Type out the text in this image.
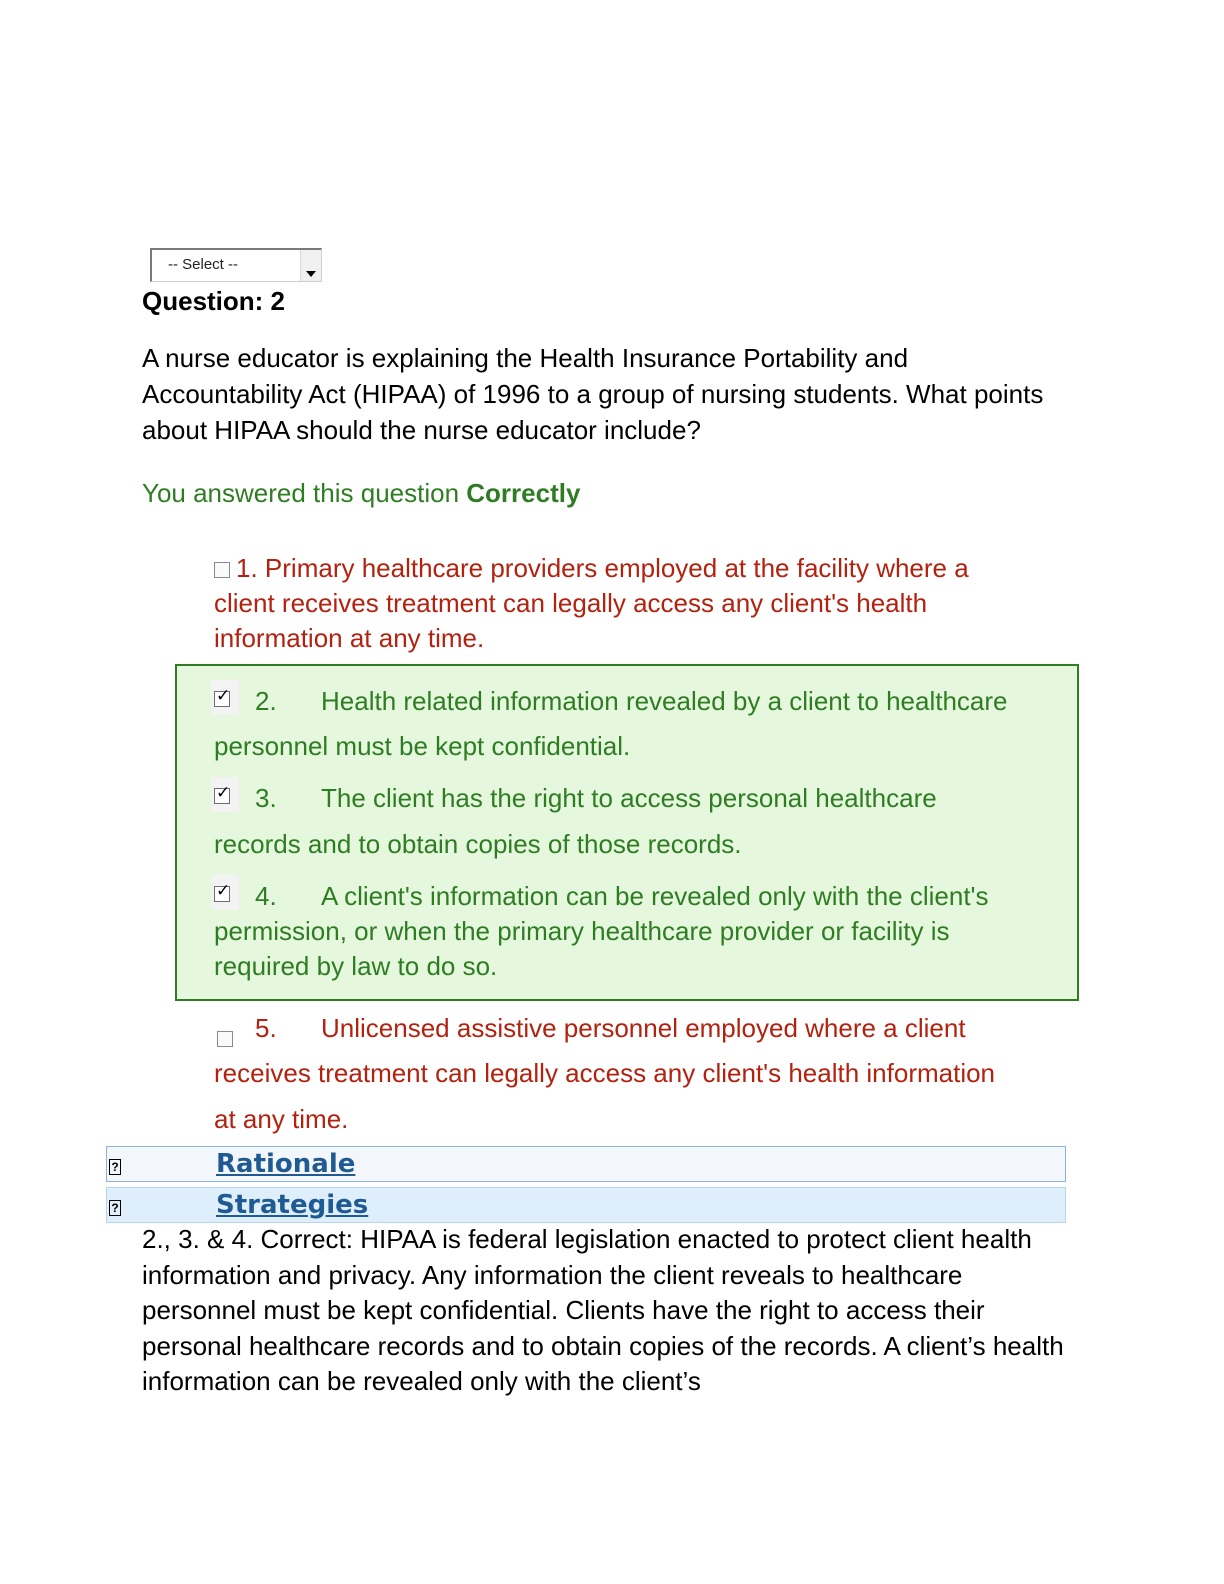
-- Select --
Question: 2
A nurse educator is explaining the Health Insurance Portability and Accountability Act (HIPAA) of 1996 to a group of nursing students. What points about HIPAA should the nurse educator include?
You answered this question Correctly
1. Primary healthcare providers employed at the facility where a
client receives treatment can legally access any client's health
information at any time.
✓ 2. Health related information revealed by a client to healthcare
personnel must be kept confidential.
✓ 3. The client has the right to access personal healthcare
records and to obtain copies of those records.
✓ 4. A client's information can be revealed only with the client's
permission, or when the primary healthcare provider or facility is
required by law to do so.
5. Unlicensed assistive personnel employed where a client
receives treatment can legally access any client's health information
at any time.
?	Rationale
?	Strategies
2., 3. & 4. Correct: HIPAA is federal legislation enacted to protect client health information and privacy. Any information the client reveals to healthcare personnel must be kept confidential. Clients have the right to access their personal healthcare records and to obtain copies of the records. A client’s health information can be revealed only with the client’s
